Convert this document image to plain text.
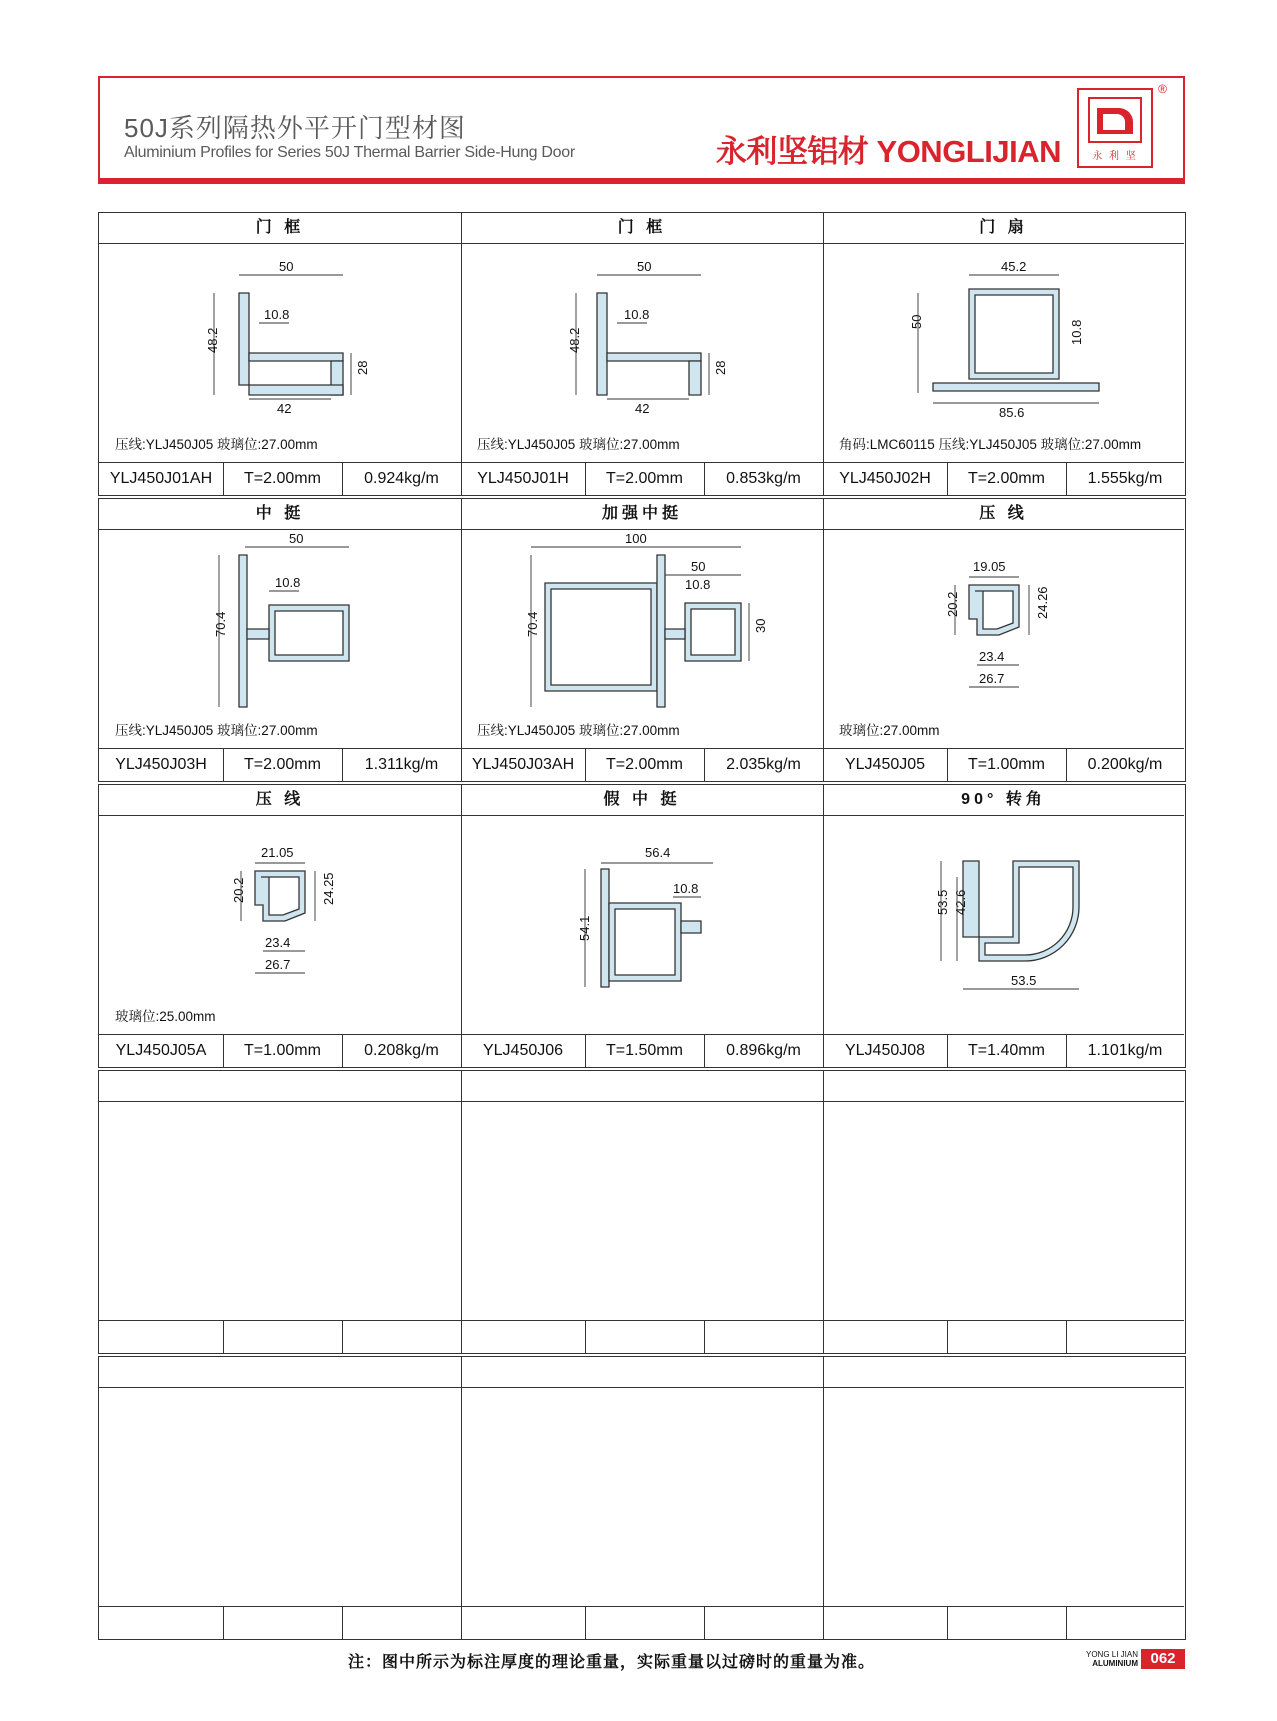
50J系列隔热外平开门型材图
Aluminium Profiles for Series 50J Thermal Barrier Side-Hung Door	永利坚铝材 YONGLIJIAN	永 利 坚
®
门 框
50
48.2
10.8
28
42
压线:YLJ450J05 玻璃位:27.00mm
YLJ450J01AH	T=2.00mm	0.924kg/m
门 框
50
48.2
10.8
28
42
压线:YLJ450J05 玻璃位:27.00mm
YLJ450J01H	T=2.00mm	0.853kg/m
门 扇
45.2
50	10.8
85.6
角码:LMC60115 压线:YLJ450J05 玻璃位:27.00mm
YLJ450J02H	T=2.00mm	1.555kg/m
中 挺
50
10.8
70.4
压线:YLJ450J05 玻璃位:27.00mm
YLJ450J03H	T=2.00mm	1.311kg/m
加强中挺
100
50
10.8
70.4	30
压线:YLJ450J05 玻璃位:27.00mm
YLJ450J03AH	T=2.00mm	2.035kg/m
压 线
19.05
20.2	24.26
23.4
26.7
玻璃位:27.00mm
YLJ450J05	T=1.00mm	0.200kg/m
压 线
21.05
20.2	24.25
23.4
26.7
玻璃位:25.00mm
YLJ450J05A	T=1.00mm	0.208kg/m
假 中 挺
56.4
10.8
54.1
YLJ450J06	T=1.50mm	0.896kg/m
90° 转角
53.5 42.6
53.5
YLJ450J08	T=1.40mm	1.101kg/m
注：图中所示为标注厚度的理论重量，实际重量以过磅时的重量为准。	YONG LI JIAN
ALUMINIUM 062
